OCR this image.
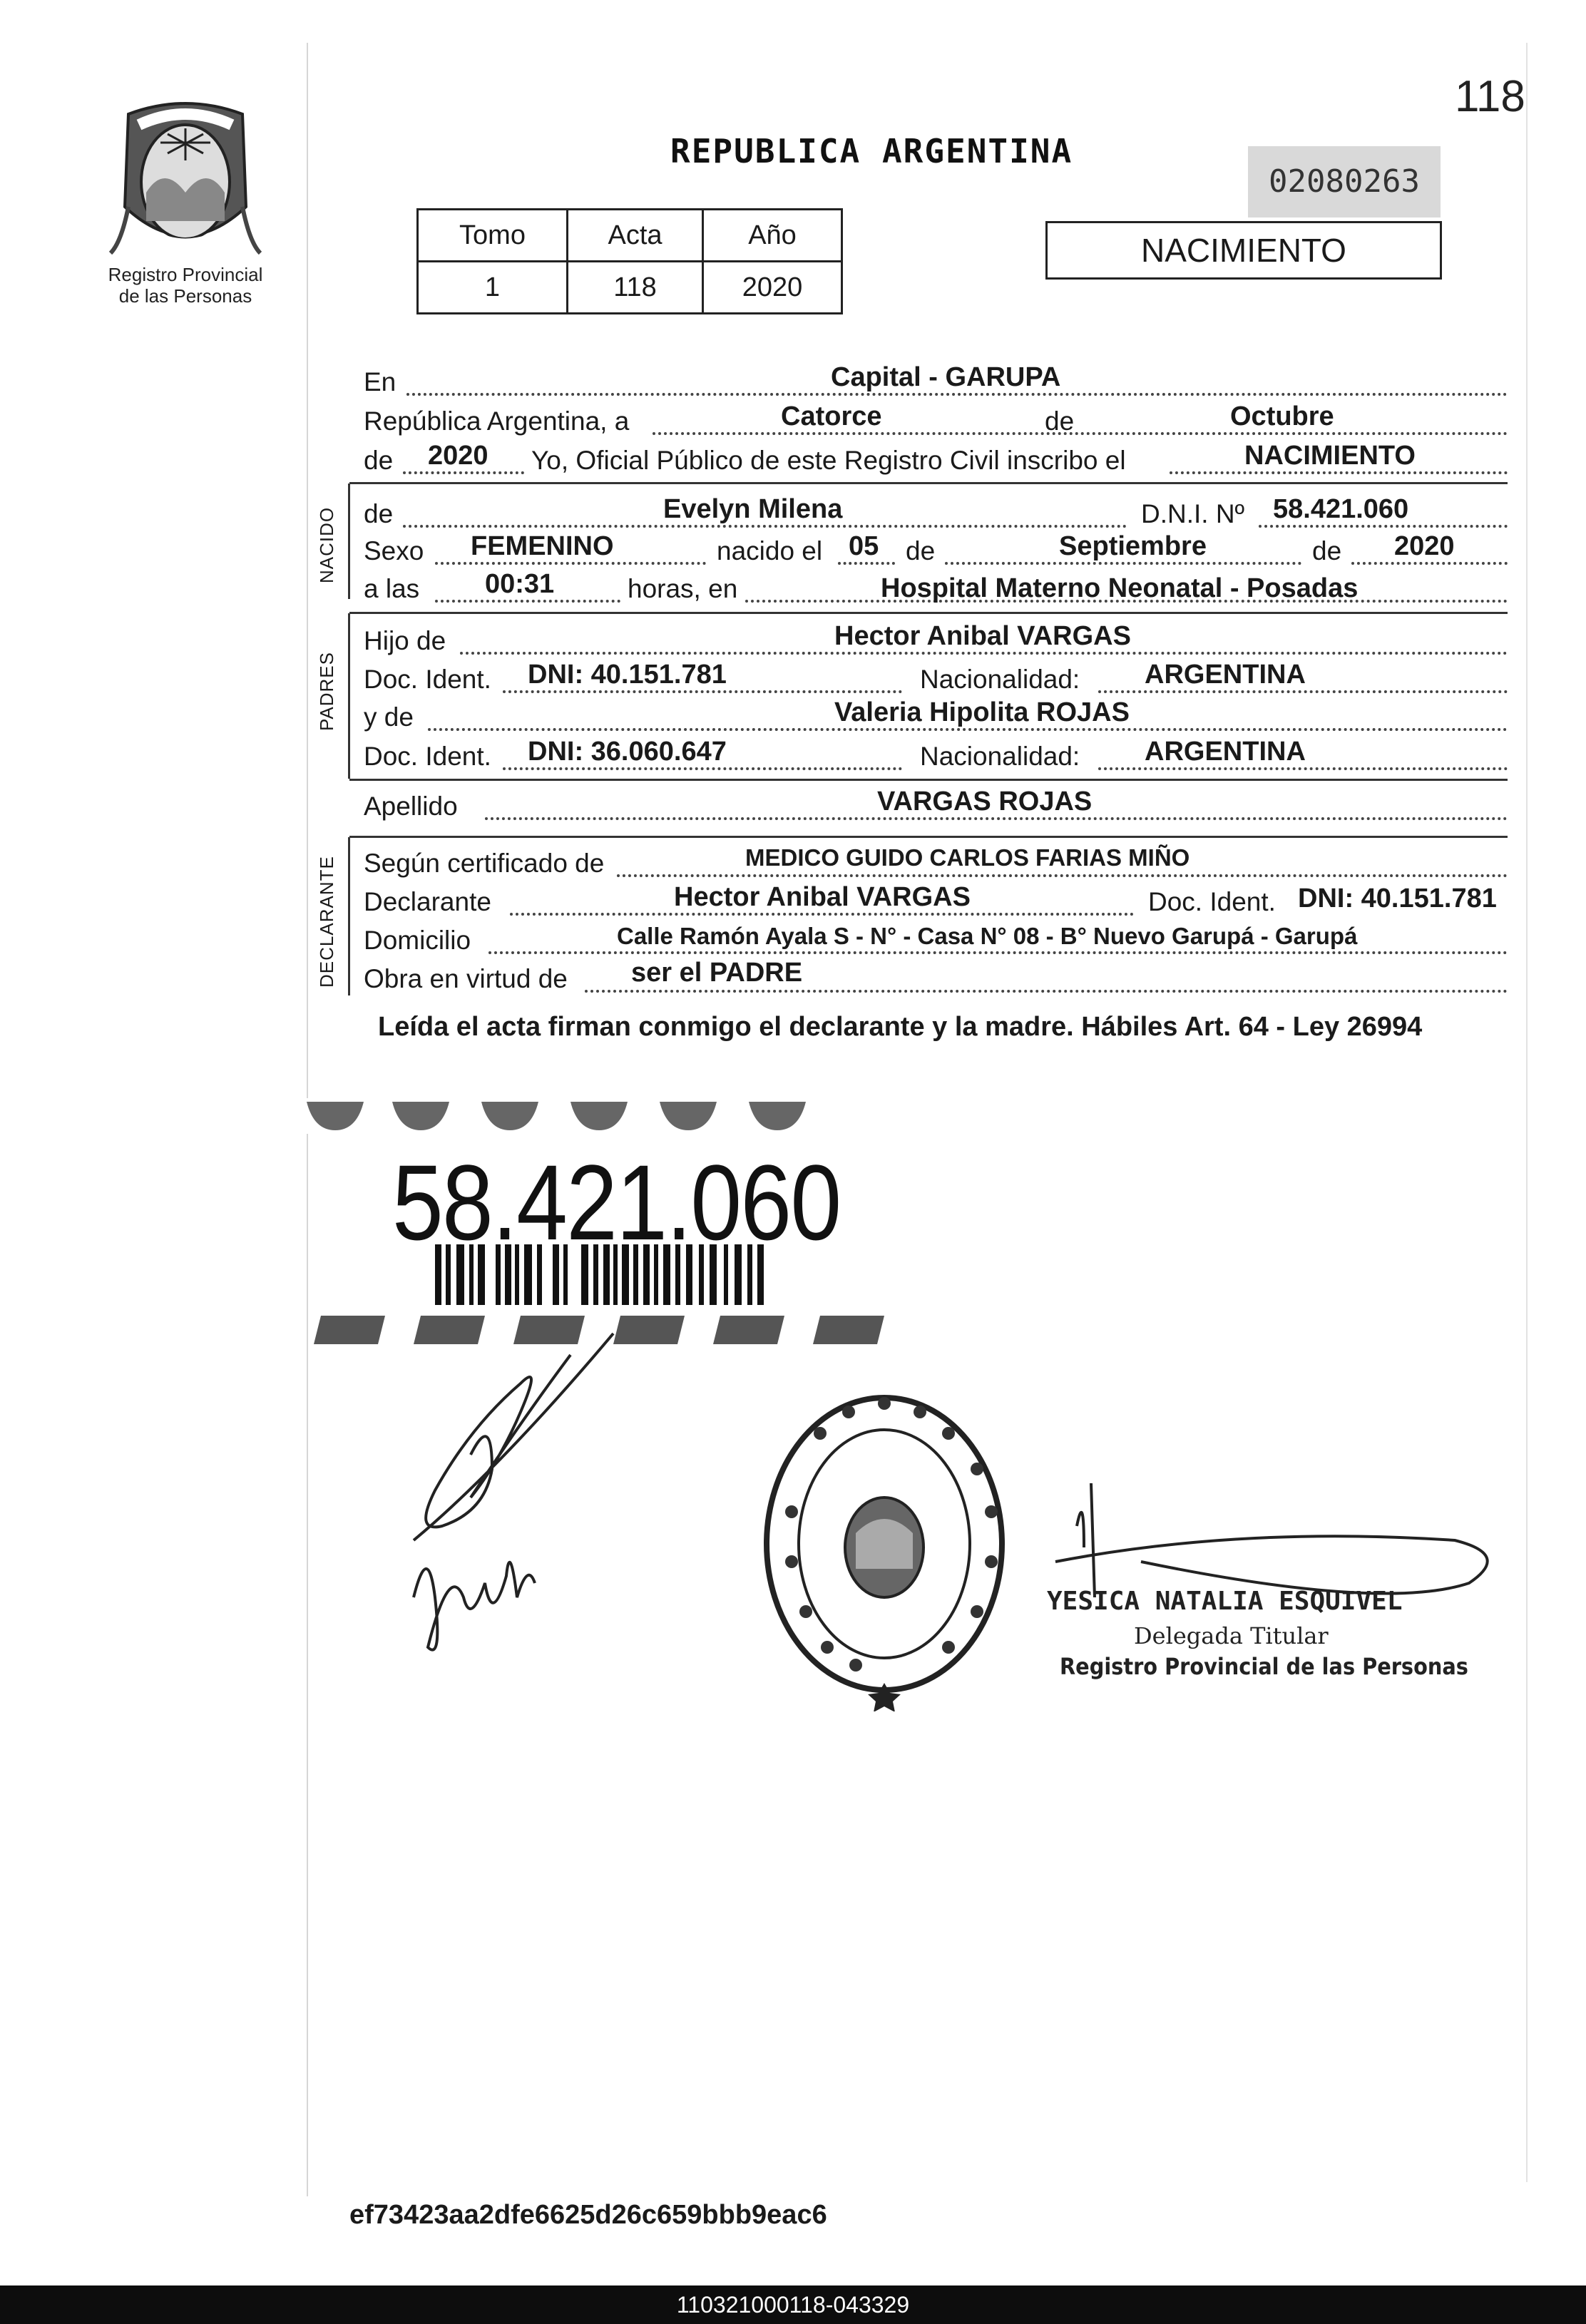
118
Registro Provincial
de las Personas
REPUBLICA ARGENTINA
02080263
Tomo	Acta	Año
1	118	2020
NACIMIENTO
En	Capital - GARUPA
República Argentina, a	Catorce	de	Octubre
de 2020 Yo, Oficial Público de este Registro Civil inscribo el	NACIMIENTO
NACIDO de	Evelyn Milena	D.N.I. Nº 58.421.060
Sexo FEMENINO	nacido el 05 de	Septiembre	de 2020
a las 00:31	horas, en	Hospital Materno Neonatal - Posadas
PADRES
Hijo de	Hector Anibal VARGAS
Doc. Ident. DNI: 40.151.781	Nacionalidad: ARGENTINA
y de	Valeria Hipolita ROJAS
Doc. Ident. DNI: 36.060.647	Nacionalidad: ARGENTINA
Apellido	VARGAS ROJAS
DECLARANTE Según certificado de	MEDICO GUIDO CARLOS FARIAS MIÑO
Declarante	Hector Anibal VARGAS	Doc. Ident. DNI: 40.151.781
Domicilio	Calle Ramón Ayala S - N° - Casa N° 08 - B° Nuevo Garupá - Garupá
Obra en virtud de ser el PADRE
Leída el acta firman conmigo el declarante y la madre. Hábiles Art. 64 - Ley 26994
58.421.060
YESICA NATALIA ESQUIVEL
Delegada Titular
Registro Provincial de las Personas
ef73423aa2dfe6625d26c659bbb9eac6
110321000118-043329
